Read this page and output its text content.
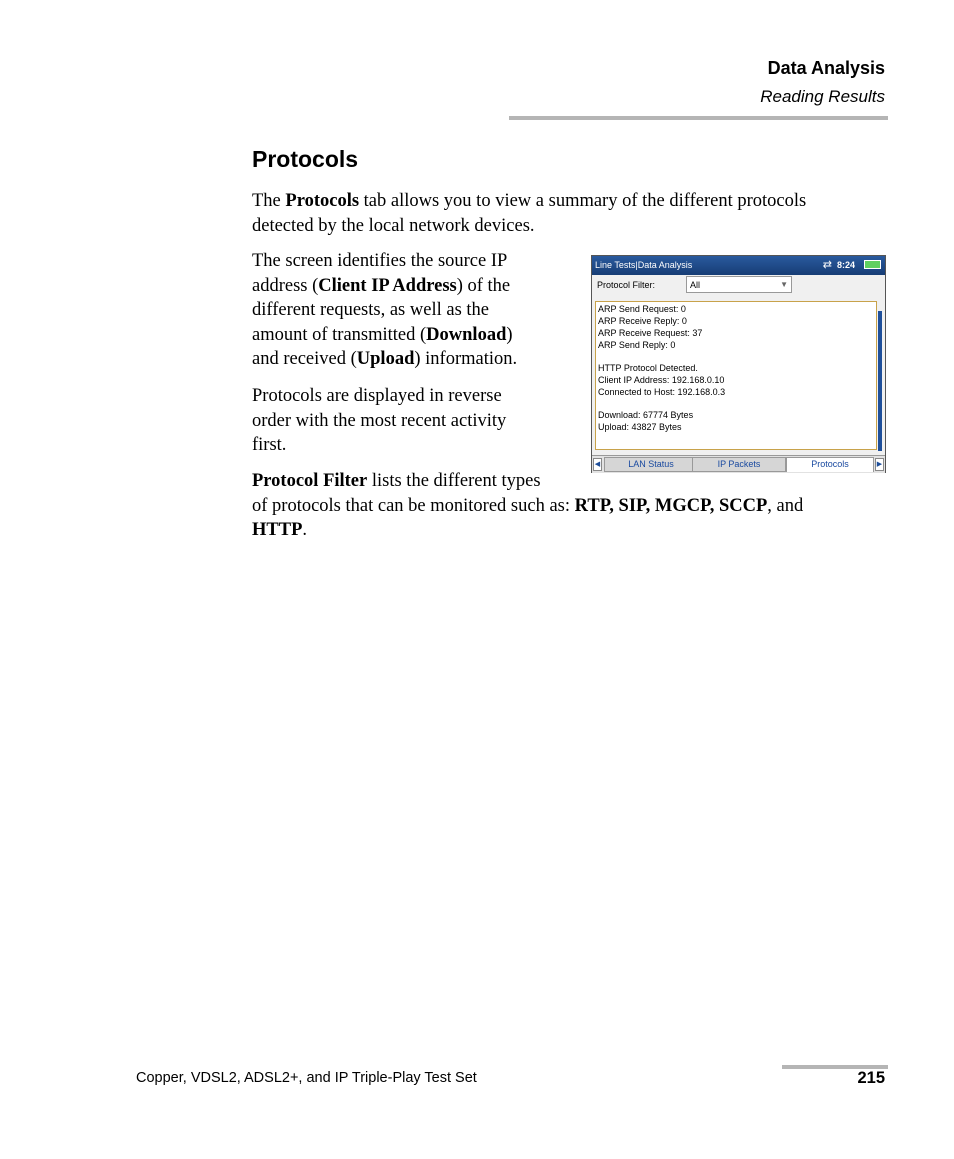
Data Analysis
Reading Results
Protocols
The Protocols tab allows you to view a summary of the different protocols
detected by the local network devices.
The screen identifies the source IP
address (Client IP Address) of the
different requests, as well as the
amount of transmitted (Download)
and received (Upload) information.
Protocols are displayed in reverse
order with the most recent activity
first.
Protocol Filter lists the different types
of protocols that can be monitored such as: RTP, SIP, MGCP, SCCP, and
HTTP.
Line Tests|Data Analysis	⇄ 8:24
Protocol Filter:	All	▼
ARP Send Request: 0
ARP Receive Reply: 0
ARP Receive Request: 37
ARP Send Reply: 0
HTTP Protocol Detected.
Client IP Address: 192.168.0.10
Connected to Host: 192.168.0.3
Download: 67774 Bytes
Upload: 43827 Bytes
◀	LAN Status	IP Packets	Protocols	▶
Copper, VDSL2, ADSL2+, and IP Triple-Play Test Set	215
